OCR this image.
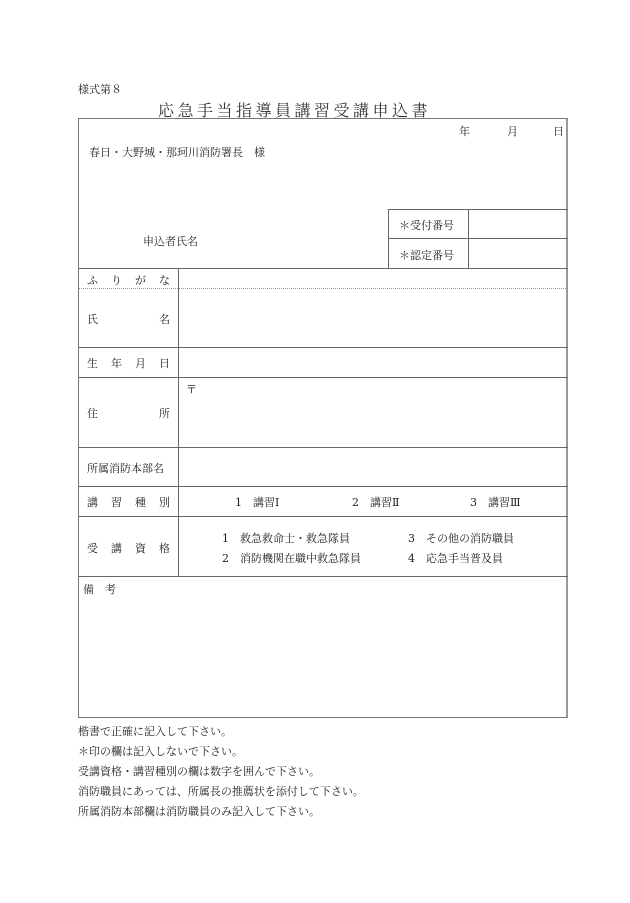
様式第８
応急手当指導員講習受講申込書
年	月	日
春日・大野城・那珂川消防署長　様
申込者氏名
＊受付番号
＊認定番号
ふ り が な
氏	名
生 年 月 日
住	所
〒
所属消防本部名
講 習 種 別	1  講習Ⅰ	2  講習Ⅱ	3  講習Ⅲ
受 講 資 格
1  救急救命士・救急隊員
2  消防機関在職中救急隊員
3  その他の消防職員
4  応急手当普及員
備　考
楷書で正確に記入して下さい。
＊印の欄は記入しないで下さい。
受講資格・講習種別の欄は数字を囲んで下さい。
消防職員にあっては、所属長の推薦状を添付して下さい。
所属消防本部欄は消防職員のみ記入して下さい。
